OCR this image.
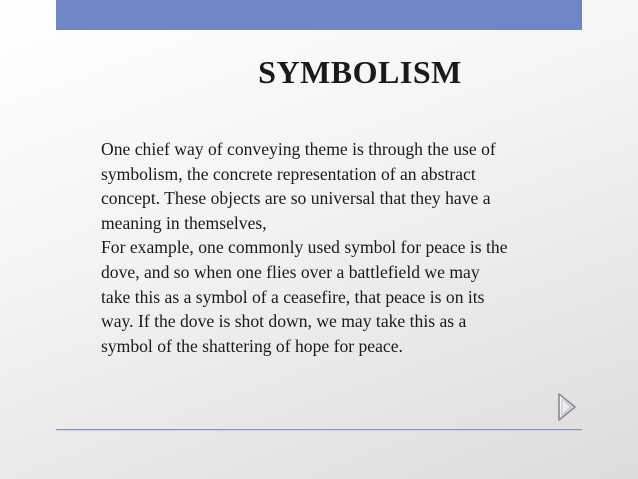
SYMBOLISM

One chief way of conveying theme is through the use of

symbolism, the concrete representation of an abstract

concept. These objects are so universal that they have a

meaning in themselves,

For example, one commonly used symbol for peace is the

dove, and so when one flies over a battlefield we may

take this as a symbol of a ceasefire, that peace is on its

way. If the dove is shot down, we may take this as a

symbol of the shattering of hope for peace.
